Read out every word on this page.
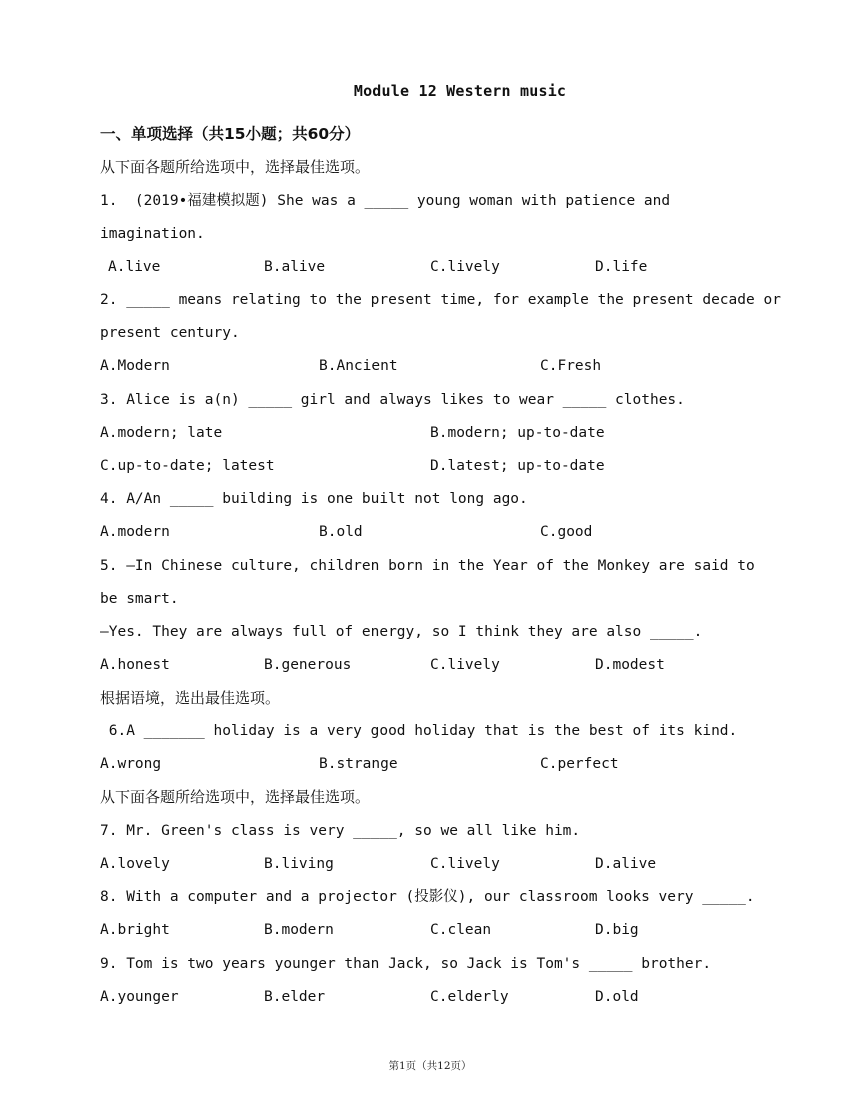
Module 12 Western music
一、单项选择（共15小题；共60分）
从下面各题所给选项中，选择最佳选项。
1.  (2019•福建模拟题) She was a _____ young woman with patience and
imagination.
A.live	B.alive	C.lively	D.life
2. _____ means relating to the present time, for example the present decade or
present century.
A.Modern	B.Ancient	C.Fresh
3. Alice is a(n) _____ girl and always likes to wear _____ clothes.
A.modern; late	B.modern; up-to-date
C.up-to-date; latest	D.latest; up-to-date
4. A/An _____ building is one built not long ago.
A.modern	B.old	C.good
5. —In Chinese culture, children born in the Year of the Monkey are said to
be smart.
—Yes. They are always full of energy, so I think they are also _____.
A.honest	B.generous	C.lively	D.modest
根据语境，选出最佳选项。
6.A _______ holiday is a very good holiday that is the best of its kind.
A.wrong	B.strange	C.perfect
从下面各题所给选项中，选择最佳选项。
7. Mr. Green's class is very _____, so we all like him.
A.lovely	B.living	C.lively	D.alive
8. With a computer and a projector (投影仪), our classroom looks very _____.
A.bright	B.modern	C.clean	D.big
9. Tom is two years younger than Jack, so Jack is Tom's _____ brother.
A.younger	B.elder	C.elderly	D.old
第1页（共12页）
